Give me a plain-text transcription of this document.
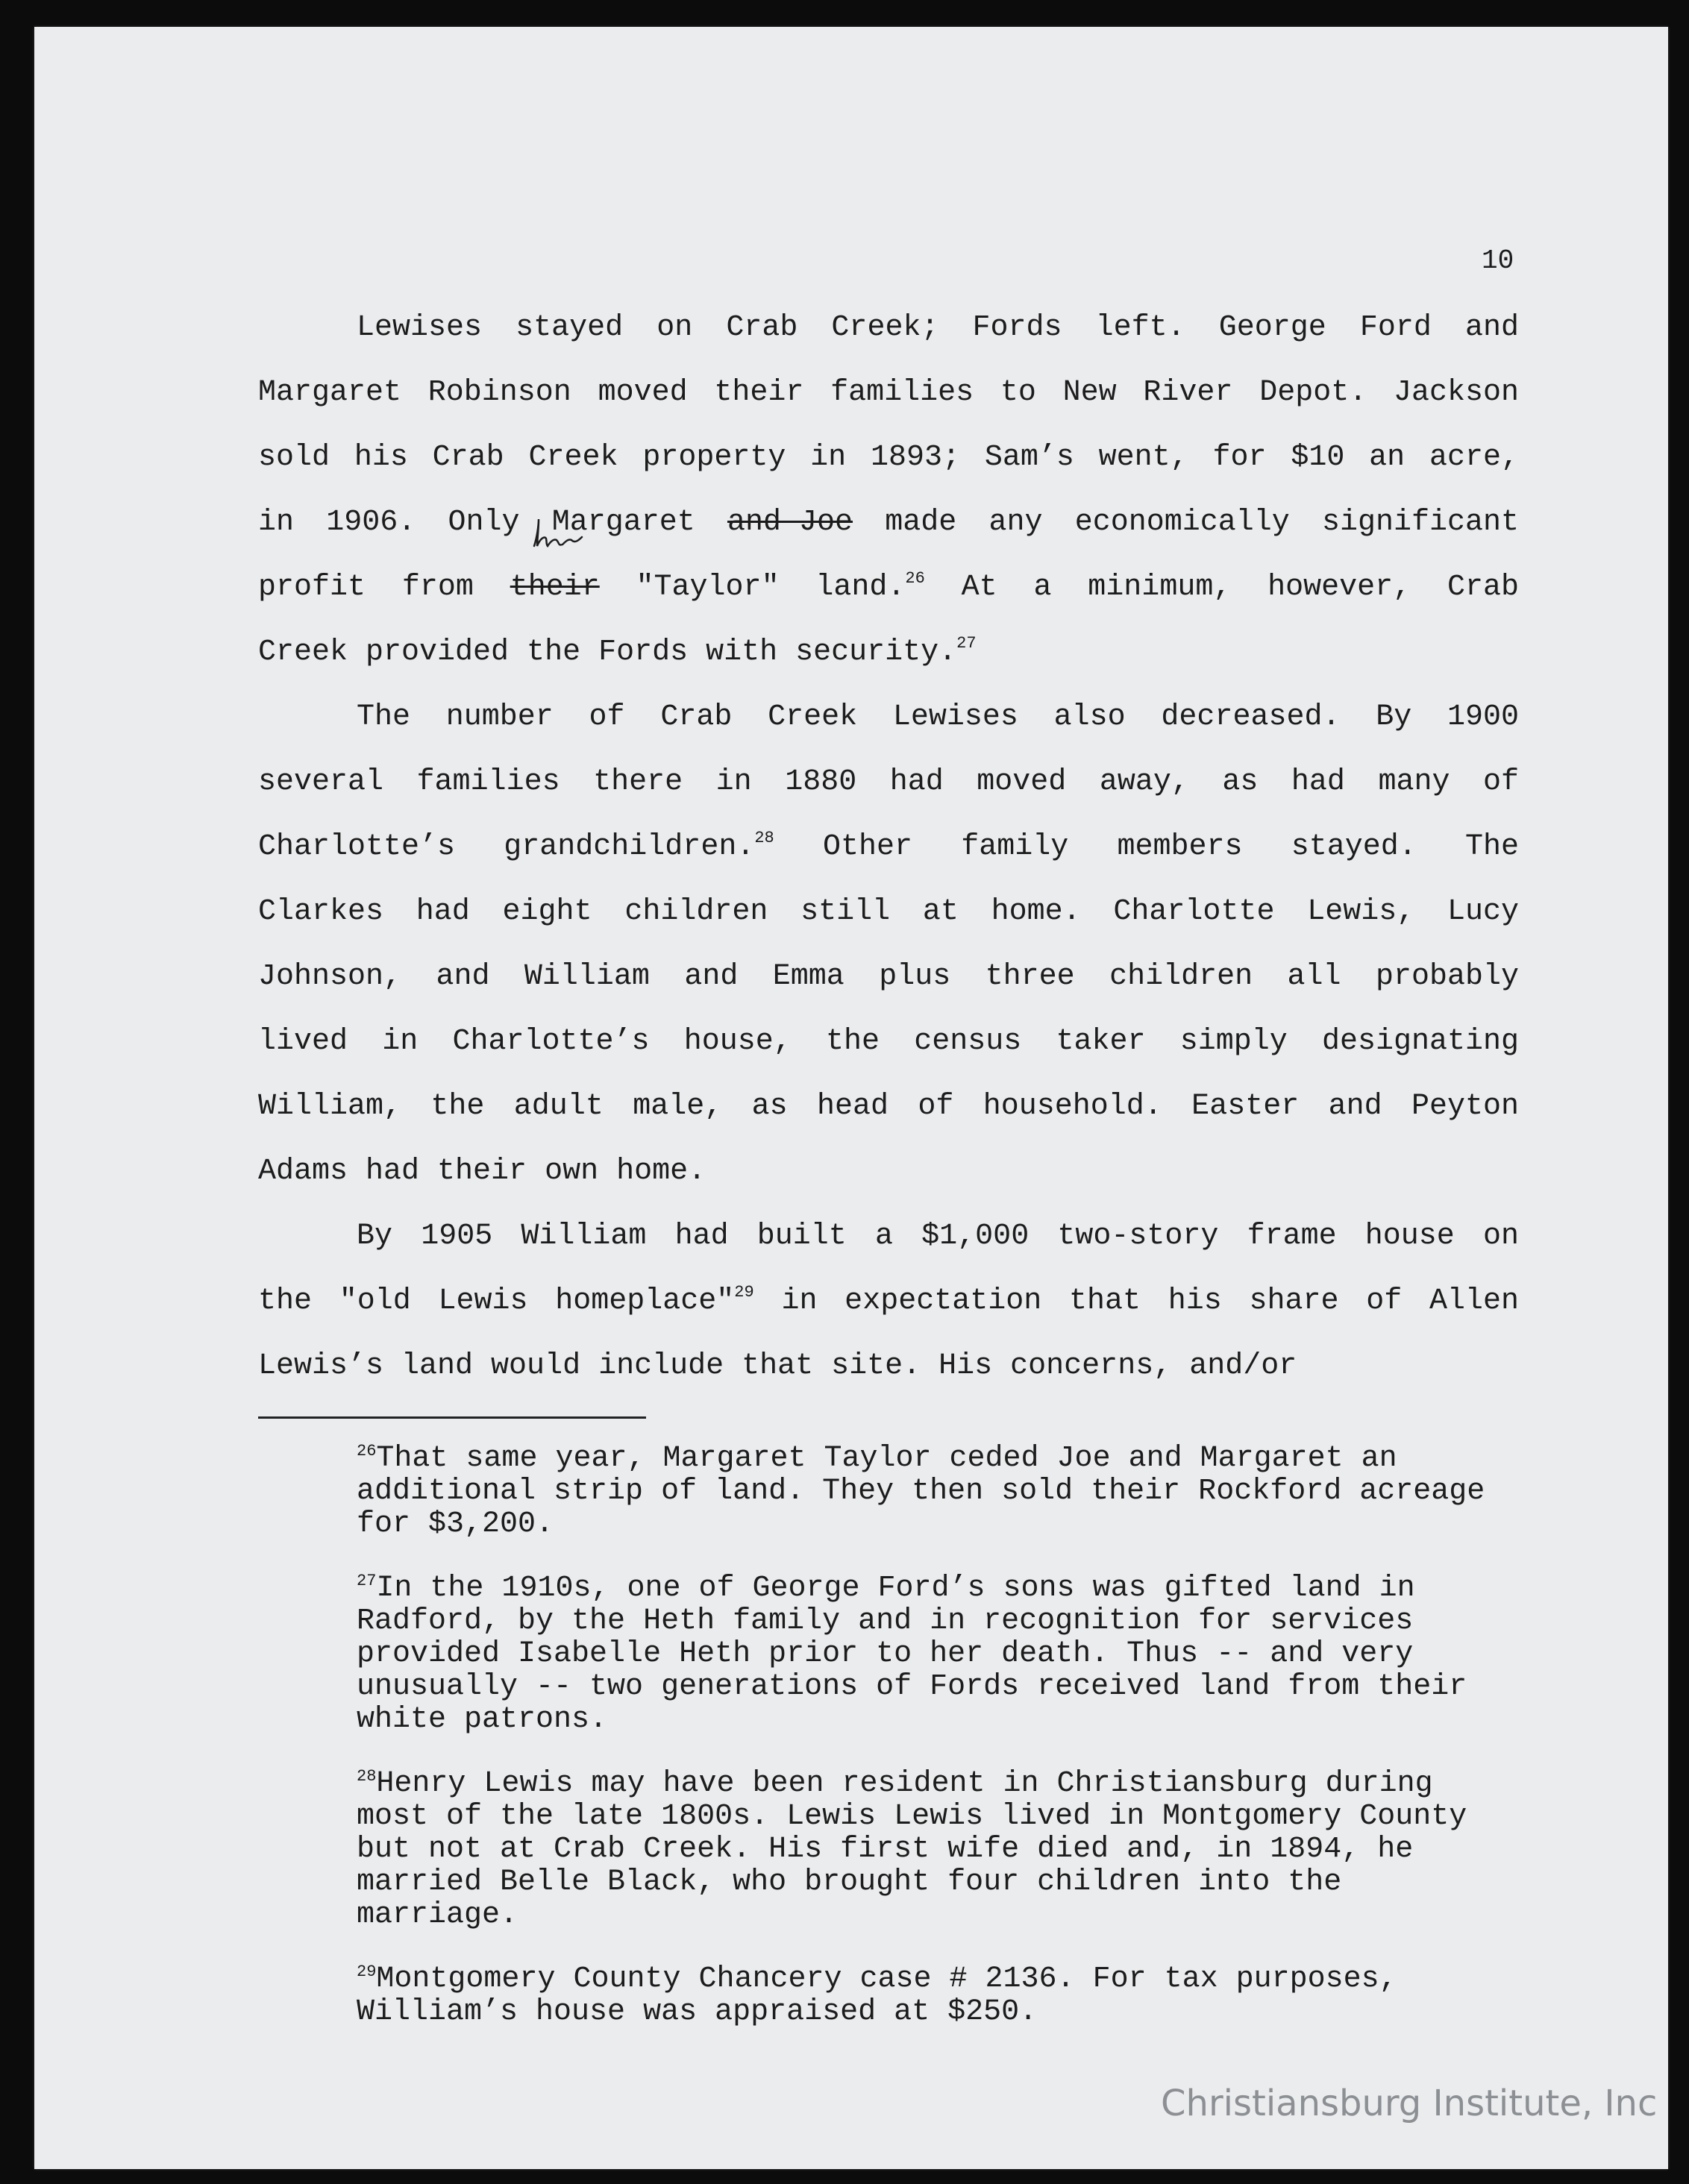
10

Lewises stayed on Crab Creek; Fords left. George Ford and
Margaret Robinson moved their families to New River Depot. Jackson
sold his Crab Creek property in 1893; Sam’s went, for $10 an acre,
in 1906. Only Margaret and Joe made any economically significant
profit from their
"Taylor" land.$^{26}$ At a minimum, however, Crab
Creek provided the Fords with security.$^{27}$

The number of Crab Creek Lewises also decreased. By 1900
several families there in 1880 had moved away, as had many of
Charlotte’s grandchildren.$^{28}$ Other family members stayed. The
Clarkes had eight children still at home. Charlotte Lewis, Lucy
Johnson, and William and Emma plus three children all probably
lived in Charlotte’s house, the census taker simply designating
William, the adult male, as head of household. Easter and Peyton
Adams had their own home.

By 1905 William had built a $1,000 two-story frame house on
the "old Lewis homeplace"$^{29}$ in expectation that his share of Allen
Lewis’s land would include that site. His concerns, and/or

$^{26}$That same year, Margaret Taylor ceded Joe and Margaret an additional strip of land. They then sold their Rockford acreage for $3,200.

$^{27}$In the 1910s, one of George Ford’s sons was gifted land in Radford, by the Heth family and in recognition for services provided Isabelle Heth prior to her death. Thus -- and very unusually -- two generations of Fords received land from their white patrons.

$^{28}$Henry Lewis may have been resident in Christiansburg during most of the late 1800s. Lewis Lewis lived in Montgomery County but not at Crab Creek. His first wife died and, in 1894, he married Belle Black, who brought four children into the marriage.

$^{29}$Montgomery County Chancery case # 2136. For tax purposes, William’s house was appraised at $250.

Christiansburg Institute, Inc
